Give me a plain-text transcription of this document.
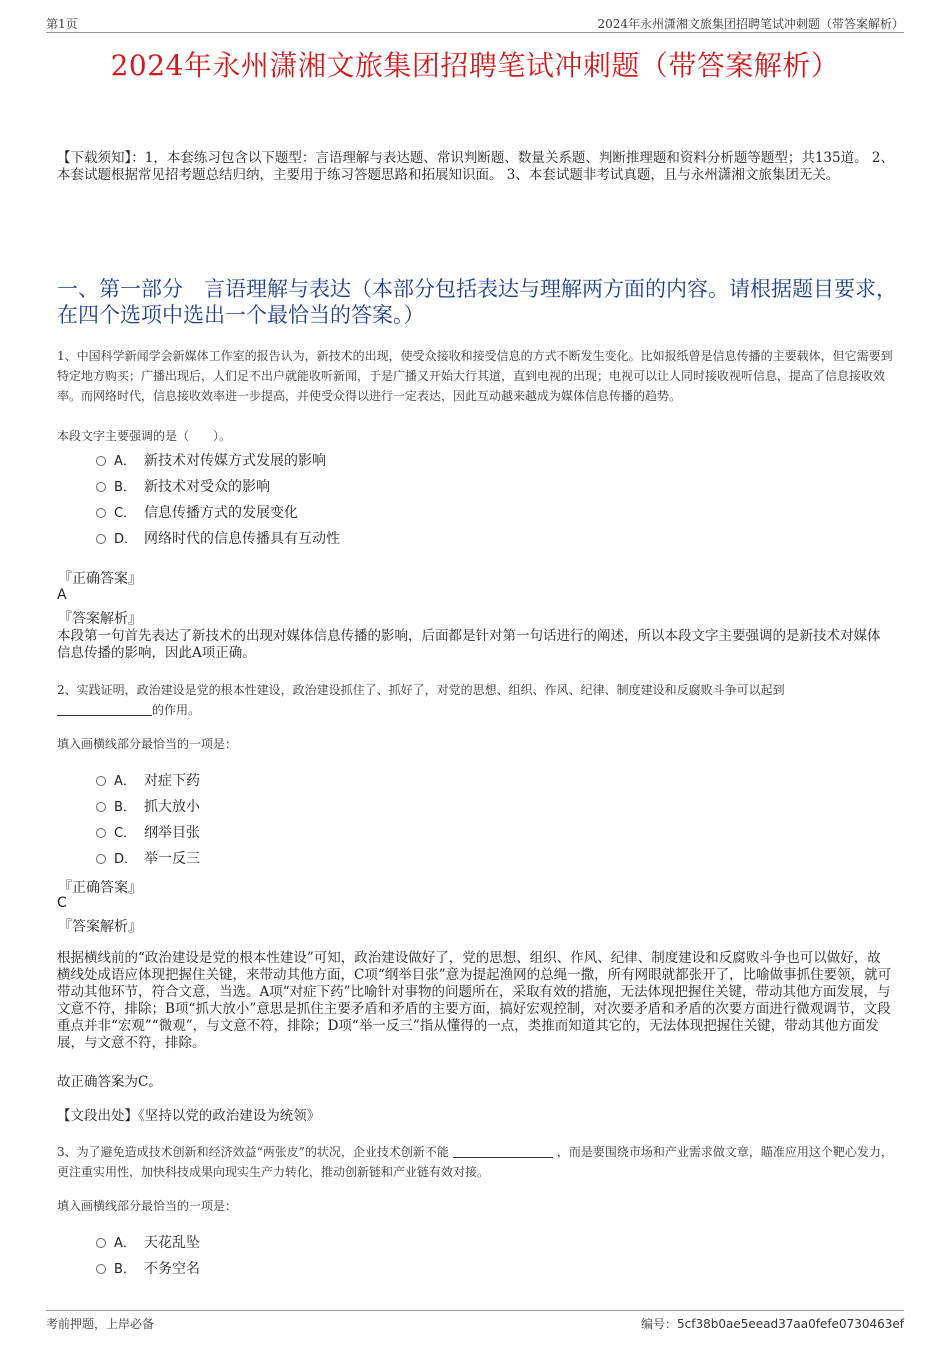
第1页	2024年永州潇湘文旅集团招聘笔试冲刺题（带答案解析）
2024年永州潇湘文旅集团招聘笔试冲刺题（带答案解析）
【下载须知】：1，本套练习包含以下题型：言语理解与表达题、常识判断题、数量关系题、判断推理题和资料分析题等题型；共135道。 2、本套试题根据常见招考题总结归纳，主要用于练习答题思路和拓展知识面。 3、本套试题非考试真题，且与永州潇湘文旅集团无关。
一、第一部分　言语理解与表达（本部分包括表达与理解两方面的内容。请根据题目要求，在四个选项中选出一个最恰当的答案。）
1、中国科学新闻学会新媒体工作室的报告认为，新技术的出现，使受众接收和接受信息的方式不断发生变化。比如报纸曾是信息传播的主要载体，但它需要到特定地方购买；广播出现后，人们足不出户就能收听新闻，于是广播又开始大行其道，直到电视的出现；电视可以让人同时接收视听信息，提高了信息接收效率。而网络时代，信息接收效率进一步提高，并使受众得以进行一定表达，因此互动越来越成为媒体信息传播的趋势。
本段文字主要强调的是（　　）。
A． 新技术对传媒方式发展的影响
B． 新技术对受众的影响
C． 信息传播方式的发展变化
D． 网络时代的信息传播具有互动性
『正确答案』
A
『答案解析』
本段第一句首先表达了新技术的出现对媒体信息传播的影响，后面都是针对第一句话进行的阐述，所以本段文字主要强调的是新技术对媒体信息传播的影响，因此A项正确。
2、实践证明，政治建设是党的根本性建设，政治建设抓住了、抓好了，对党的思想、组织、作风、纪律、制度建设和反腐败斗争可以起到
的作用。
填入画横线部分最恰当的一项是：
A． 对症下药
B． 抓大放小
C． 纲举目张
D． 举一反三
『正确答案』
C
『答案解析』
根据横线前的“政治建设是党的根本性建设”可知，政治建设做好了，党的思想、组织、作风、纪律、制度建设和反腐败斗争也可以做好，故横线处成语应体现把握住关键，来带动其他方面，C项“纲举目张”意为提起渔网的总绳一撒，所有网眼就都张开了，比喻做事抓住要领，就可带动其他环节，符合文意，当选。A项“对症下药”比喻针对事物的问题所在，采取有效的措施，无法体现把握住关键，带动其他方面发展，与文意不符，排除；B项“抓大放小”意思是抓住主要矛盾和矛盾的主要方面，搞好宏观控制，对次要矛盾和矛盾的次要方面进行微观调节，文段重点并非“宏观”“微观”，与文意不符，排除；D项“举一反三”指从懂得的一点，类推而知道其它的，无法体现把握住关键，带动其他方面发展，与文意不符，排除。
故正确答案为C。
【文段出处】《坚持以党的政治建设为统领》
3、为了避免造成技术创新和经济效益“两张皮”的状况，企业技术创新不能	，而是要围绕市场和产业需求做文章，瞄准应用这个靶心发力，更注重实用性，加快科技成果向现实生产力转化，推动创新链和产业链有效对接。
填入画横线部分最恰当的一项是：
A． 天花乱坠
B． 不务空名
考前押题，上岸必备	编号：5cf38b0ae5eead37aa0fefe0730463ef
